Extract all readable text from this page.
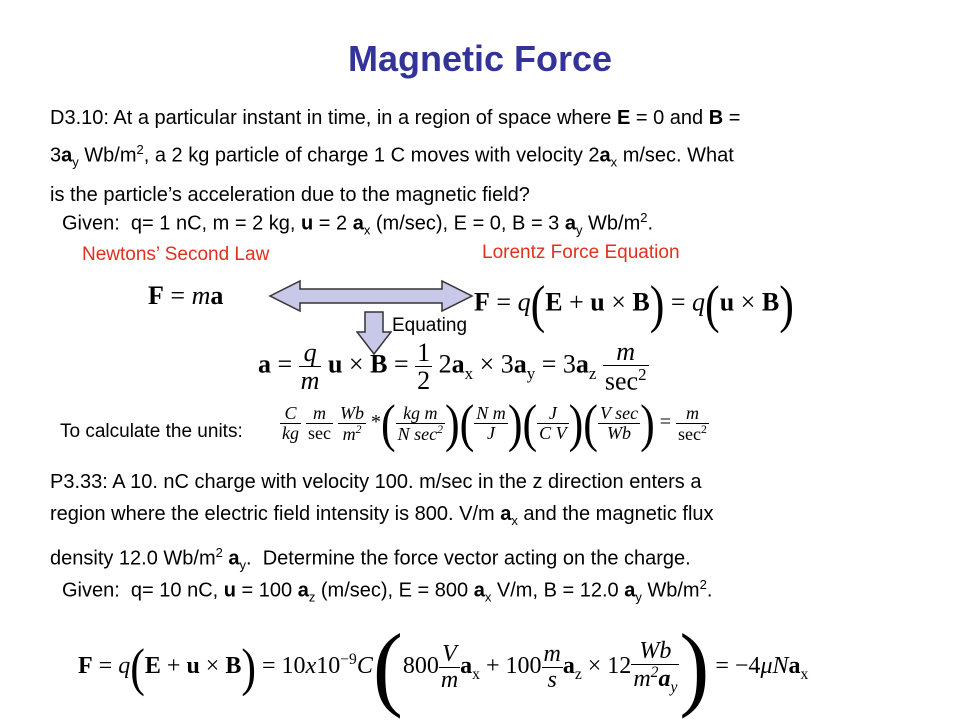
Magnetic Force
D3.10: At a particular instant in time, in a region of space where E = 0 and B =
$3a_y$ $Wb/m^2$, a 2 kg particle of charge 1 C moves with velocity $2a_x$ m/sec. What
is the particle’s acceleration due to the magnetic field?
Given:  q= 1 nC, m = 2 kg, u = 2 $a_x$ (m/sec), E = 0, B = 3 $a_y$ $Wb/m^2$.
Newtons’ Second Law	Lorentz Force Equation
F = ma	F = q(E + u × B) = q(u × B)
Equating
$a = \frac{q}{m}$ $u \times B = \frac{1}{2} 2a_x \times 3a_y = 3a_z \frac{m}{\sec^2}$
To calculate the units: $\frac{C}{kg}$
$\frac{m}{\sec}$
$\frac{Wb}{m^2}$ *( $\frac{\text{kg m}}{N \sec^2}$ )( $\frac{\text{N m}}{J}$ )( $\frac{J}{\text{C V}}$ )( $\frac{\text{V sec}}{Wb}$ ) = $\frac{m}{\sec^2}$
P3.33: A 10. nC charge with velocity 100. m/sec in the z direction enters a
region where the electric field intensity is 800. V/m $a_x$ and the magnetic flux
density 12.0 $Wb/m^2$ $a_y$.  Determine the force vector acting on the charge.
Given:  q= 10 nC, u = 100 $a_z$ (m/sec), E = 800 $a_x$ V/m, B = 12.0 $a_y$ $Wb/m^2$.
$F = q(E + u \times B) = 10x10^{-9}C(800 \frac{V}{m} a_x + 100 \frac{m}{s} a_z \times 12 \frac{Wb}{m^2a_y}$ ) = −4μNa$_x$
